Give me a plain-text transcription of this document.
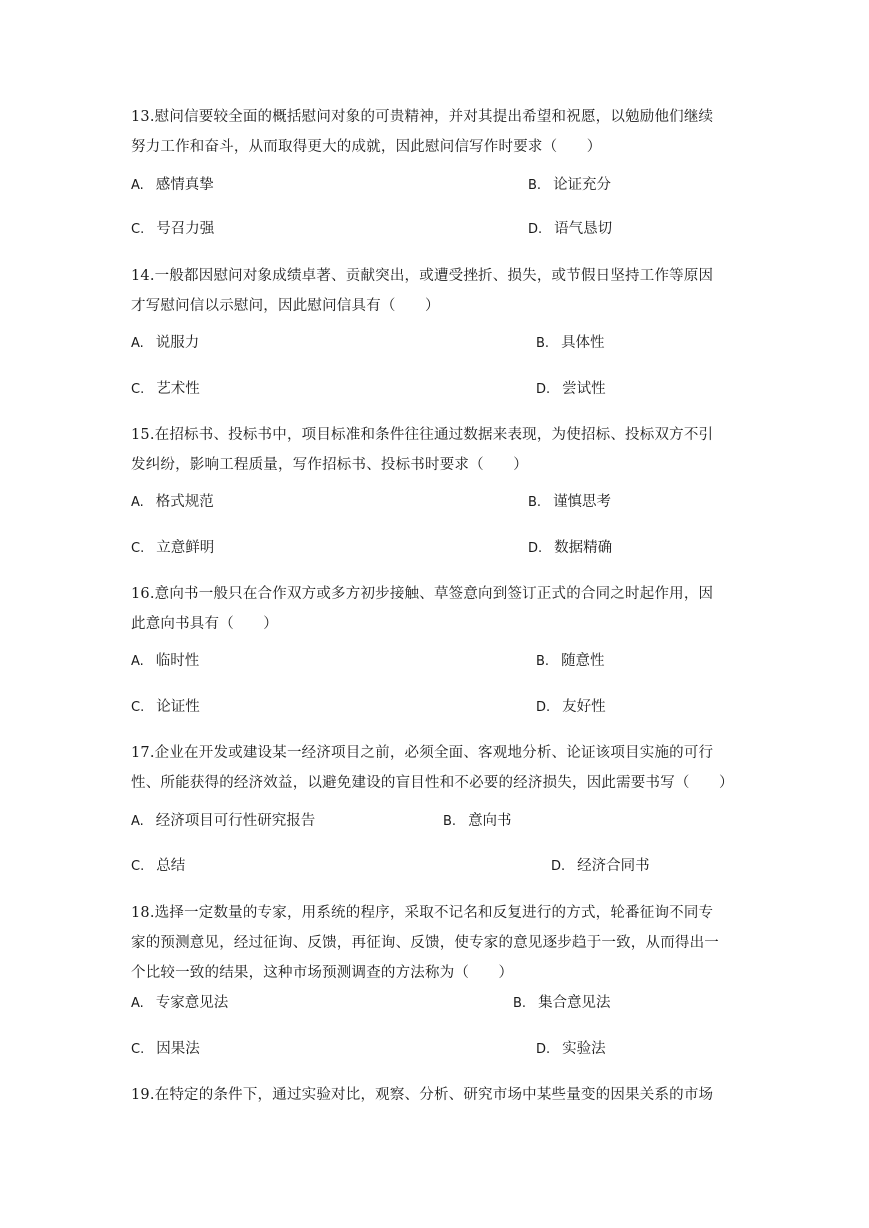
13.慰问信要较全面的概括慰问对象的可贵精神，并对其提出希望和祝愿，以勉励他们继续
努力工作和奋斗，从而取得更大的成就，因此慰问信写作时要求（　　）
A. 感情真挚	B. 论证充分
C. 号召力强	D. 语气恳切
14.一般都因慰问对象成绩卓著、贡献突出，或遭受挫折、损失，或节假日坚持工作等原因
才写慰问信以示慰问，因此慰问信具有（　　）
A. 说服力	B. 具体性
C. 艺术性	D. 尝试性
15.在招标书、投标书中，项目标准和条件往往通过数据来表现，为使招标、投标双方不引
发纠纷，影响工程质量，写作招标书、投标书时要求（　　）
A. 格式规范	B. 谨慎思考
C. 立意鲜明	D. 数据精确
16.意向书一般只在合作双方或多方初步接触、草签意向到签订正式的合同之时起作用，因
此意向书具有（　　）
A. 临时性	B. 随意性
C. 论证性	D. 友好性
17.企业在开发或建设某一经济项目之前，必须全面、客观地分析、论证该项目实施的可行
性、所能获得的经济效益，以避免建设的盲目性和不必要的经济损失，因此需要书写（　　）
A. 经济项目可行性研究报告	B. 意向书
C. 总结	D. 经济合同书
18.选择一定数量的专家，用系统的程序，采取不记名和反复进行的方式，轮番征询不同专
家的预测意见，经过征询、反馈，再征询、反馈，使专家的意见逐步趋于一致，从而得出一
个比较一致的结果，这种市场预测调查的方法称为（　　）
A. 专家意见法	B. 集合意见法
C. 因果法	D. 实验法
19.在特定的条件下，通过实验对比，观察、分析、研究市场中某些量变的因果关系的市场
